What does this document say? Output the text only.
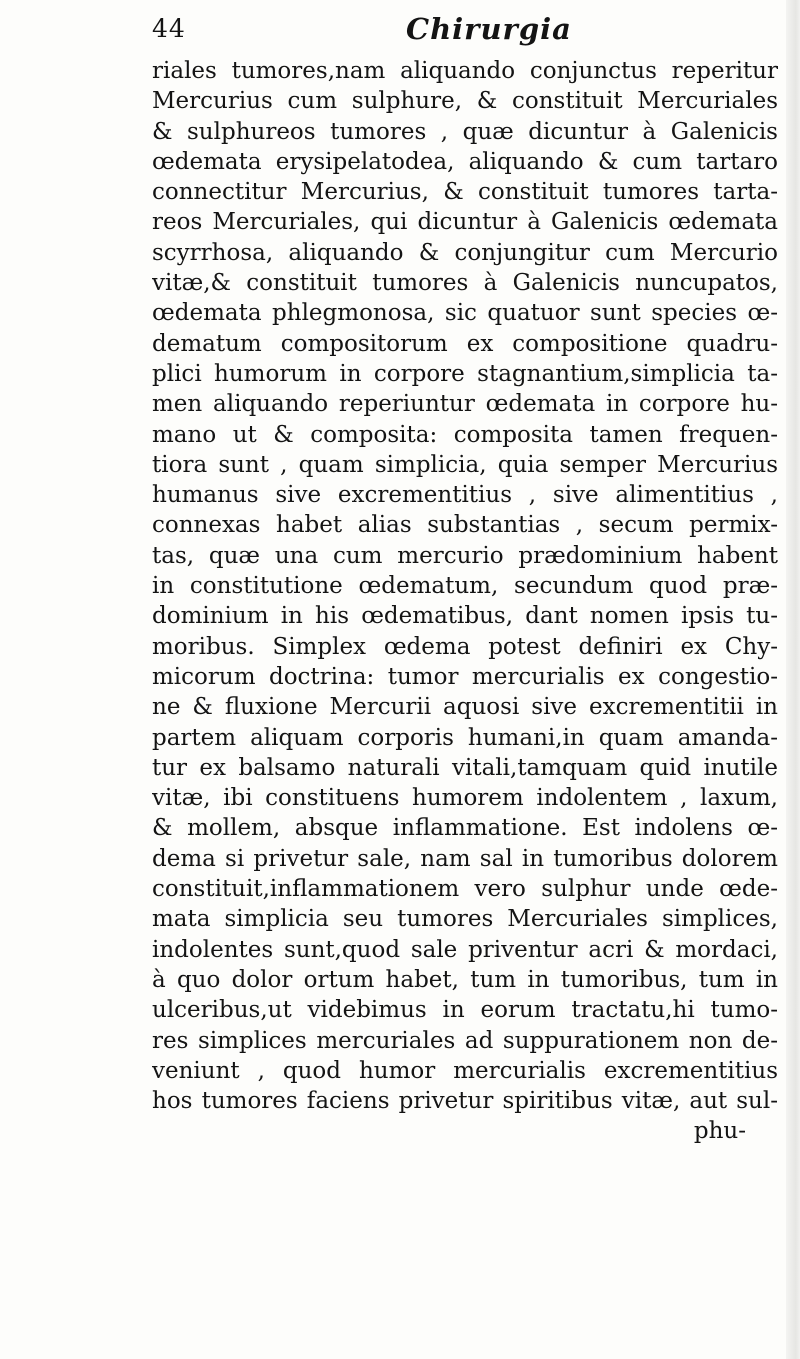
44	Chirurgia
riales tumores,nam aliquando conjunctus reperitur
Mercurius cum sulphure, & constituit Mercuriales
& sulphureos tumores , quæ dicuntur à Galenicis
œdemata erysipelatodea, aliquando & cum tartaro
connectitur Mercurius, & constituit tumores tarta-
reos Mercuriales, qui dicuntur à Galenicis œdemata
scyrrhosa, aliquando & conjungitur cum Mercurio
vitæ,& constituit tumores à Galenicis nuncupatos,
œdemata phlegmonosa, sic quatuor sunt species œ-
dematum compositorum ex compositione quadru-
plici humorum in corpore stagnantium,simplicia ta-
men aliquando reperiuntur œdemata in corpore hu-
mano ut & composita: composita tamen frequen-
tiora sunt , quam simplicia, quia semper Mercurius
humanus sive excrementitius , sive alimentitius ,
connexas habet alias substantias , secum permix-
tas, quæ una cum mercurio prædominium habent
in constitutione œdematum, secundum quod præ-
dominium in his œdematibus, dant nomen ipsis tu-
moribus. Simplex œdema potest definiri ex Chy-
micorum doctrina: tumor mercurialis ex congestio-
ne & fluxione Mercurii aquosi sive excrementitii in
partem aliquam corporis humani,in quam amanda-
tur ex balsamo naturali vitali,tamquam quid inutile
vitæ, ibi constituens humorem indolentem , laxum,
& mollem, absque inflammatione. Est indolens œ-
dema si privetur sale, nam sal in tumoribus dolorem
constituit,inflammationem vero sulphur unde œde-
mata simplicia seu tumores Mercuriales simplices,
indolentes sunt,quod sale priventur acri & mordaci,
à quo dolor ortum habet, tum in tumoribus, tum in
ulceribus,ut videbimus in eorum tractatu,hi tumo-
res simplices mercuriales ad suppurationem non de-
veniunt , quod humor mercurialis excrementitius
hos tumores faciens privetur spiritibus vitæ, aut sul-
phu-
